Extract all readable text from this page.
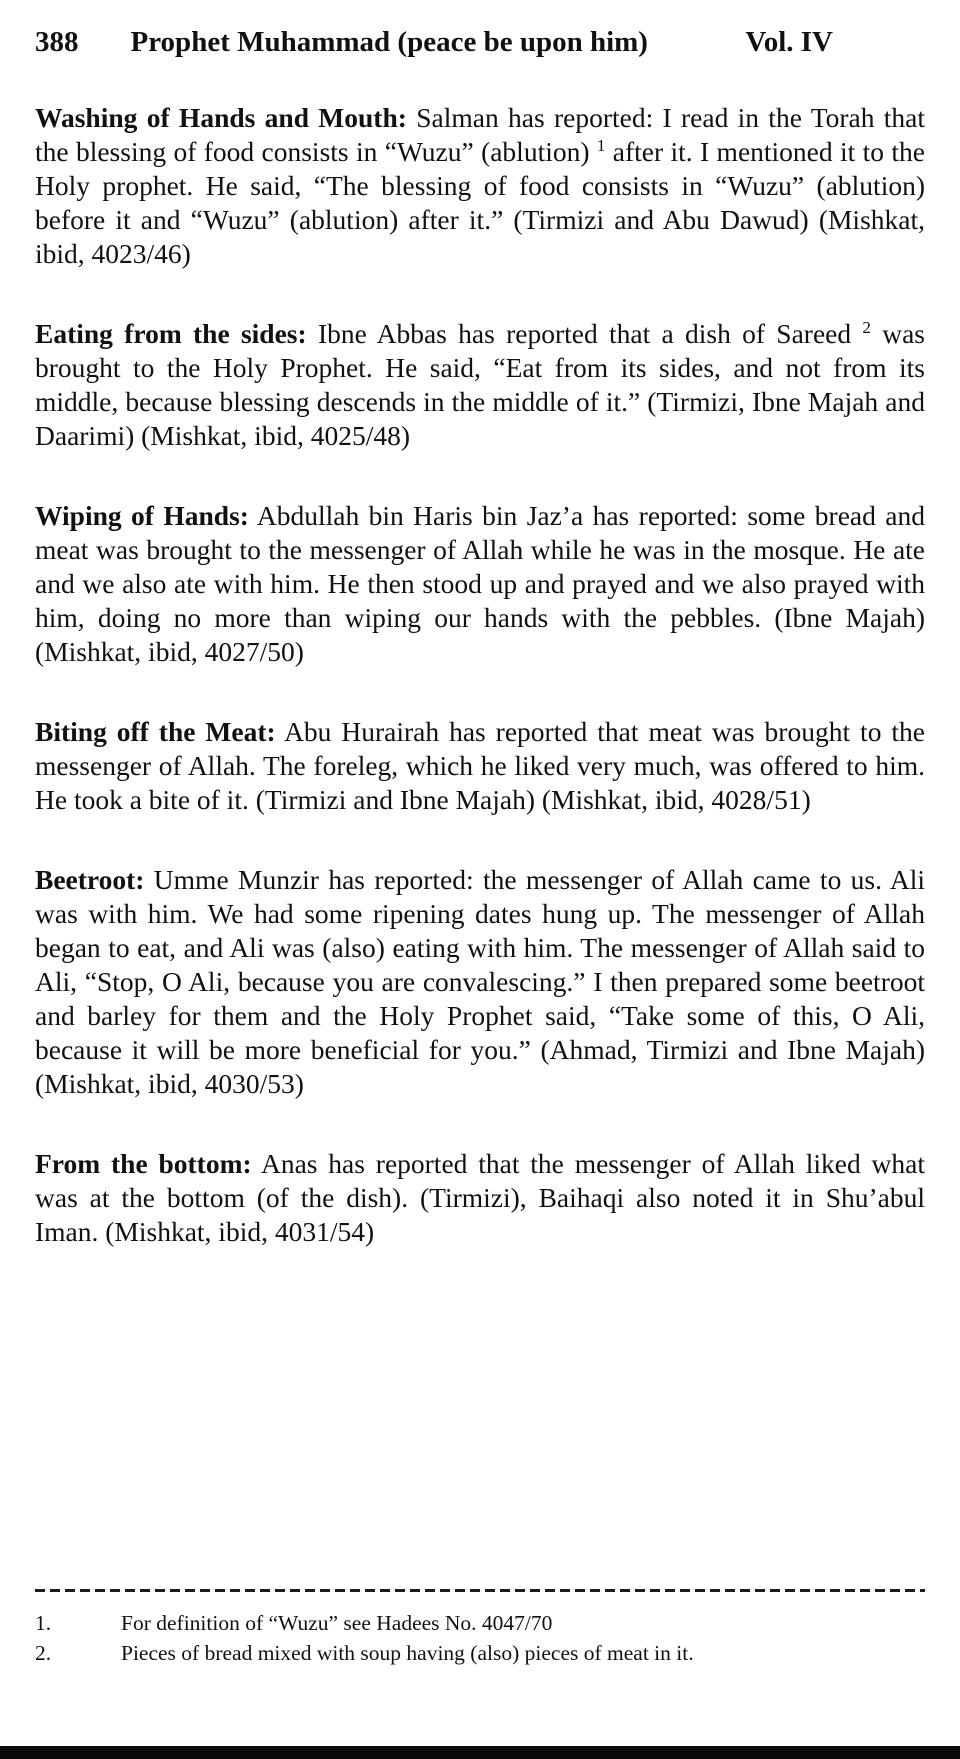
388 Prophet Muhammad (peace be upon him)	Vol. IV

Washing of Hands and Mouth: Salman has reported: I read in the Torah that the blessing of food consists in “Wuzu” (ablution) $^1$ after it. I mentioned it to the Holy prophet. He said, “The blessing of food consists in “Wuzu” (ablution) before it and “Wuzu” (ablution) after it.” (Tirmizi and Abu Dawud) (Mishkat, ibid, 4023/46)

Eating from the sides: Ibne Abbas has reported that a dish of Sareed $^2$ was brought to the Holy Prophet. He said, “Eat from its sides, and not from its middle, because blessing descends in the middle of it.” (Tirmizi, Ibne Majah and Daarimi) (Mishkat, ibid, 4025/48)

Wiping of Hands: Abdullah bin Haris bin Jaz’a has reported: some bread and meat was brought to the messenger of Allah while he was in the mosque. He ate and we also ate with him. He then stood up and prayed and we also prayed with him, doing no more than wiping our hands with the pebbles. (Ibne Majah) (Mishkat, ibid, 4027/50)

Biting off the Meat: Abu Hurairah has reported that meat was brought to the messenger of Allah. The foreleg, which he liked very much, was offered to him. He took a bite of it. (Tirmizi and Ibne Majah) (Mishkat, ibid, 4028/51)

Beetroot: Umme Munzir has reported: the messenger of Allah came to us. Ali was with him. We had some ripening dates hung up. The messenger of Allah began to eat, and Ali was (also) eating with him. The messenger of Allah said to Ali, “Stop, O Ali, because you are convalescing.” I then prepared some beetroot and barley for them and the Holy Prophet said, “Take some of this, O Ali, because it will be more beneficial for you.” (Ahmad, Tirmizi and Ibne Majah) (Mishkat, ibid, 4030/53)

From the bottom: Anas has reported that the messenger of Allah liked what was at the bottom (of the dish). (Tirmizi), Baihaqi also noted it in Shu’abul Iman. (Mishkat, ibid, 4031/54)

1.	For definition of “Wuzu” see Hadees No. 4047/70
2.	Pieces of bread mixed with soup having (also) pieces of meat in it.
